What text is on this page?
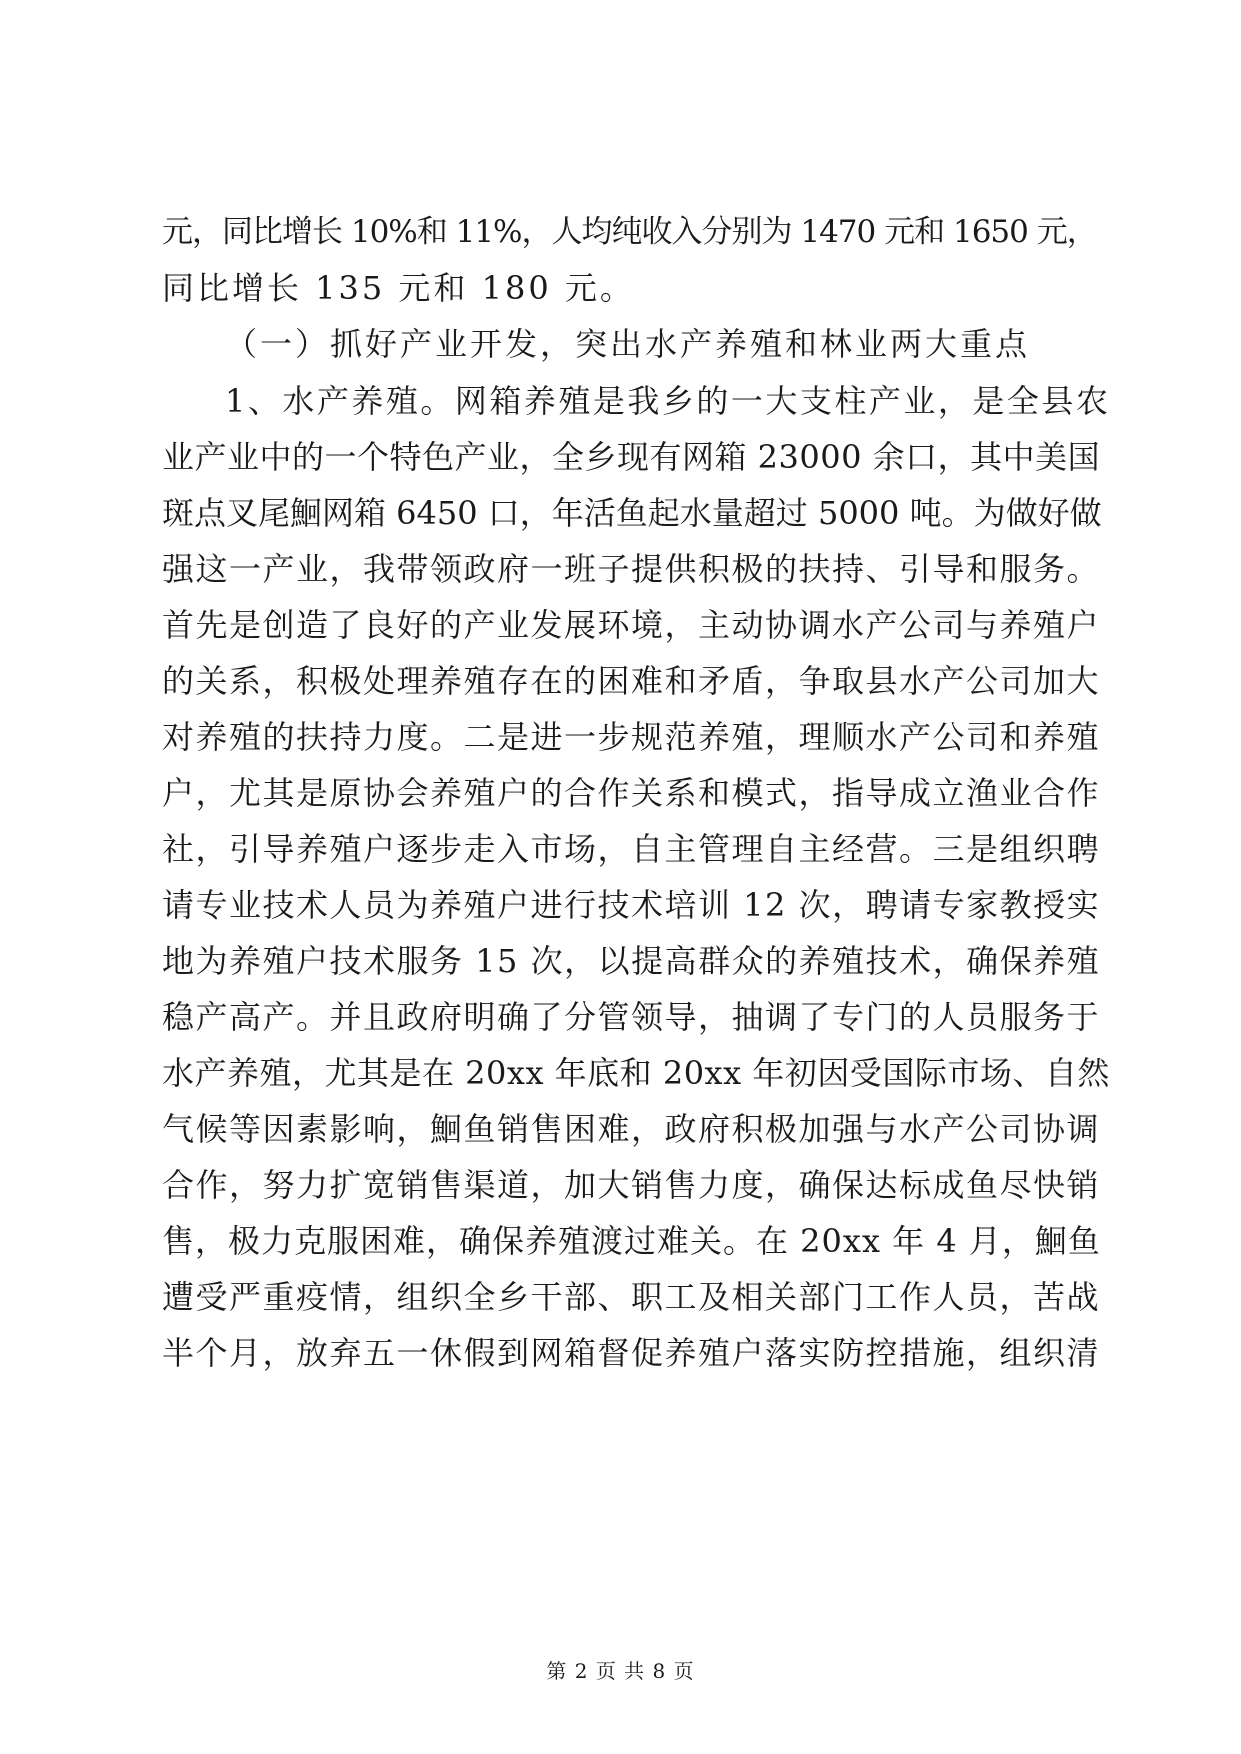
元，同比增长 10%和 11%，人均纯收入分别为 1470 元和 1650 元，
同比增长 135 元和 180 元。
（一）抓好产业开发，突出水产养殖和林业两大重点
1、水产养殖。网箱养殖是我乡的一大支柱产业，是全县农
业产业中的一个特色产业，全乡现有网箱 23000 余口，其中美国
斑点叉尾鮰网箱 6450 口，年活鱼起水量超过 5000 吨。为做好做
强这一产业，我带领政府一班子提供积极的扶持、引导和服务。
首先是创造了良好的产业发展环境，主动协调水产公司与养殖户
的关系，积极处理养殖存在的困难和矛盾，争取县水产公司加大
对养殖的扶持力度。二是进一步规范养殖，理顺水产公司和养殖
户，尤其是原协会养殖户的合作关系和模式，指导成立渔业合作
社，引导养殖户逐步走入市场，自主管理自主经营。三是组织聘
请专业技术人员为养殖户进行技术培训 12 次，聘请专家教授实
地为养殖户技术服务 15 次，以提高群众的养殖技术，确保养殖
稳产高产。并且政府明确了分管领导，抽调了专门的人员服务于
水产养殖，尤其是在 20xx 年底和 20xx 年初因受国际市场、自然
气候等因素影响，鮰鱼销售困难，政府积极加强与水产公司协调
合作，努力扩宽销售渠道，加大销售力度，确保达标成鱼尽快销
售，极力克服困难，确保养殖渡过难关。在 20xx 年 4 月，鮰鱼
遭受严重疫情，组织全乡干部、职工及相关部门工作人员，苦战
半个月，放弃五一休假到网箱督促养殖户落实防控措施，组织清
第 2 页 共 8 页
